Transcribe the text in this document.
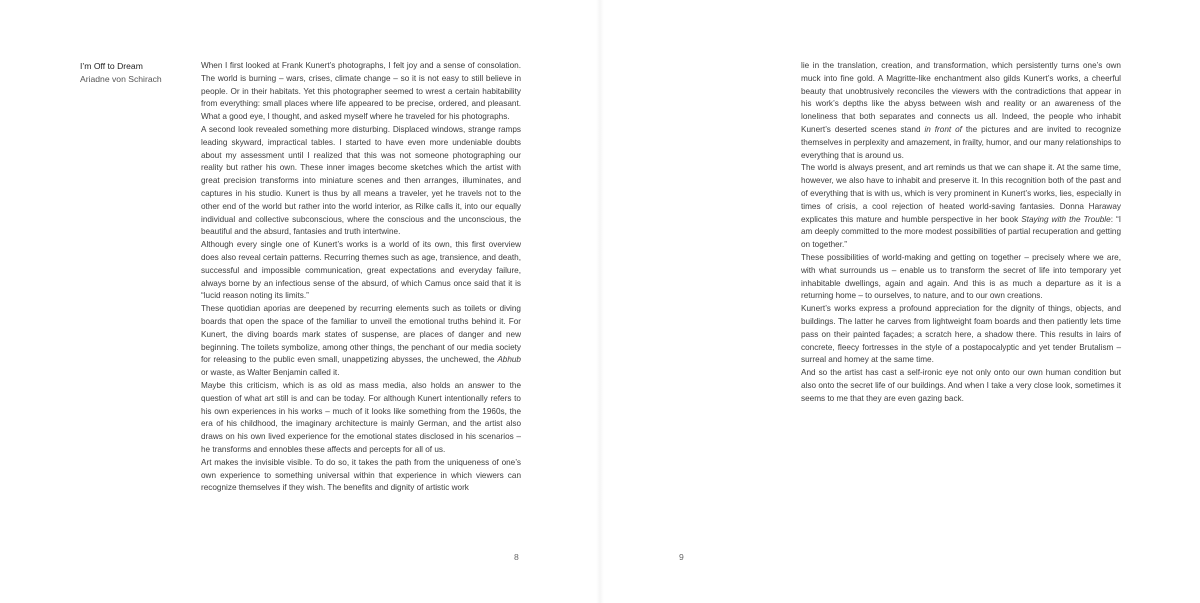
I’m Off to Dream
Ariadne von Schirach

When I first looked at Frank Kunert’s photographs, I felt joy and a sense of consolation. The world is burning – wars, crises, climate change – so it is not easy to still believe in people. Or in their habitats. Yet this photographer seemed to wrest a certain habitability from everything: small places where life appeared to be precise, ordered, and pleasant. What a good eye, I thought, and asked myself where he traveled for his photographs.

A second look revealed something more disturbing. Displaced windows, strange ramps leading skyward, impractical tables. I started to have even more undeniable doubts about my assessment until I realized that this was not someone photographing our reality but rather his own. These inner images become sketches which the artist with great precision transforms into miniature scenes and then arranges, illuminates, and captures in his studio. Kunert is thus by all means a traveler, yet he travels not to the other end of the world but rather into the world interior, as Rilke calls it, into our equally individual and collective subconscious, where the conscious and the unconscious, the beautiful and the absurd, fantasies and truth intertwine.

Although every single one of Kunert’s works is a world of its own, this first overview does also reveal certain patterns. Recurring themes such as age, transience, and death, successful and impossible communication, great expectations and everyday failure, always borne by an infectious sense of the absurd, of which Camus once said that it is “lucid reason noting its limits.”

These quotidian aporias are deepened by recurring elements such as toilets or diving boards that open the space of the familiar to unveil the emotional truths behind it. For Kunert, the diving boards mark states of suspense, are places of danger and new beginning. The toilets symbolize, among other things, the penchant of our media society for releasing to the public even small, unappetizing abysses, the unchewed, the Abhub or waste, as Walter Benjamin called it.

Maybe this criticism, which is as old as mass media, also holds an answer to the question of what art still is and can be today. For although Kunert intentionally refers to his own experiences in his works – much of it looks like something from the 1960s, the era of his childhood, the imaginary architecture is mainly German, and the artist also draws on his own lived experience for the emotional states disclosed in his scenarios – he transforms and ennobles these affects and percepts for all of us.

Art makes the invisible visible. To do so, it takes the path from the uniqueness of one’s own experience to something universal within that experience in which viewers can recognize themselves if they wish. The benefits and dignity of artistic work

lie in the translation, creation, and transformation, which persistently turns one’s own muck into fine gold. A Magritte-like enchantment also gilds Kunert’s works, a cheerful beauty that unobtrusively reconciles the viewers with the contradictions that appear in his work’s depths like the abyss between wish and reality or an awareness of the loneliness that both separates and connects us all. Indeed, the people who inhabit Kunert’s deserted scenes stand in front of the pictures and are invited to recognize themselves in perplexity and amazement, in frailty, humor, and our many relationships to everything that is around us.

The world is always present, and art reminds us that we can shape it. At the same time, however, we also have to inhabit and preserve it. In this recognition both of the past and of everything that is with us, which is very prominent in Kunert’s works, lies, especially in times of crisis, a cool rejection of heated world-saving fantasies. Donna Haraway explicates this mature and humble perspective in her book Staying with the Trouble: “I am deeply committed to the more modest possibilities of partial recuperation and getting on together.”

These possibilities of world-making and getting on together – precisely where we are, with what surrounds us – enable us to transform the secret of life into temporary yet inhabitable dwellings, again and again. And this is as much a departure as it is a returning home – to ourselves, to nature, and to our own creations.

Kunert’s works express a profound appreciation for the dignity of things, objects, and buildings. The latter he carves from lightweight foam boards and then patiently lets time pass on their painted façades; a scratch here, a shadow there. This results in lairs of concrete, fleecy fortresses in the style of a postapocalyptic and yet tender Brutalism – surreal and homey at the same time.

And so the artist has cast a self-ironic eye not only onto our own human condition but also onto the secret life of our buildings. And when I take a very close look, sometimes it seems to me that they are even gazing back.

8	9
